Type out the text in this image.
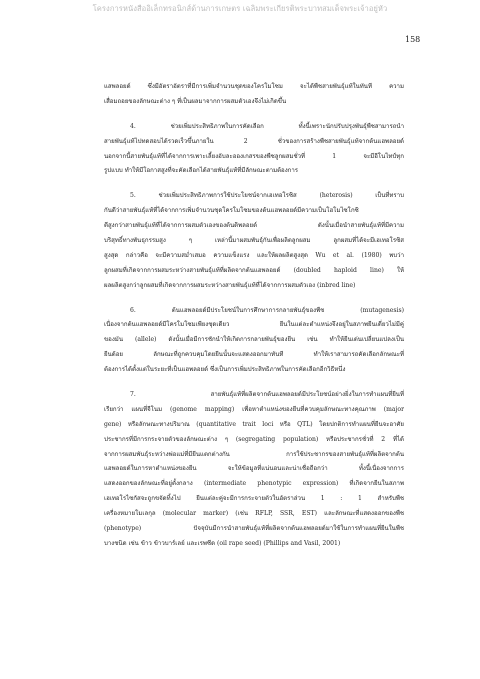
โครงการหนังสืออิเล็กทรอนิกส์ด้านการเกษตร เฉลิมพระเกียรติพระบาทสมเด็จพระเจ้าอยู่หัว
158
แสพลอยด์ ซึ่งมีอัตราอัตราที่มีการเพิ่มจำนวนชุดของโครโมโซม จะได้พืชสายพันธุ์แท้ในทันที ความ
เสื่อมถอยของลักษณะต่าง ๆ ที่เป็นผลมาจากการผสมตัวเองจึงไม่เกิดขึ้น
4. ช่วยเพิ่มประสิทธิภาพในการคัดเลือก ทั้งนี้เพราะนักปรับปรุงพันธุ์พืชสามารถนำ
สายพันธุ์แท้ไปทดสอบได้รวดเร็วขึ้นภายใน 2 ชั่วของการสร้างพืชสายพันธุ์แท้จากต้นแฮพลอยด์
นอกจากนี้สายพันธุ์แท้ที่ได้จากการเพาะเลี้ยงอับละอองเกสรของพืชลูกผสมชั่วที่ 1 จะมีอีโนไทป์ทุก
รูปแบบ ทำให้มีโอกาสสูงที่จะคัดเลือกได้สายพันธุ์แท้ที่มีลักษณะตามต้องการ
5. ช่วยเพิ่มประสิทธิภาพการใช้ประโยชน์จากเฮเทอโรซิส (heterosis) เป็นที่ทราบ
กันดีว่าสายพันธุ์แท้ที่ได้จากการเพิ่มจำนวนชุดโครโมโซมของต้นแฮพลอยด์มีความเป็นโฮโมไซโกซิ
ตีสูงกว่าสายพันธุ์แท้ที่ได้จากการผสมตัวเองของต้นดิพลอยด์ ดังนั้นเมื่อนำสายพันธุ์แท้ที่มีความ
บริสุทธิ์ทางพันธุกรรมสูง ๆ เหล่านี้มาผสมพันธุ์กันเพื่อผลิตลูกผสม ลูกผสมที่ได้จะมีเฮเทอโรซิส
สูงสุด กล่าวคือ จะมีความสม่ำเสมอ ความแข็งแรง และให้ผลผลิตสูงสุด Wu et al. (1980) พบว่า
ลูกผสมที่เกิดจากการผสมระหว่างสายพันธุ์แท้ที่ผลิตจากต้นแฮพลอยด์ (doubled haploid line) ให้
ผลผลิตสูงกว่าลูกผสมที่เกิดจากการผสมระหว่างสายพันธุ์แท้ที่ได้จากการผสมตัวเอง (inbred line)
6. ต้นแฮพลอยด์มีประโยชน์ในการศึกษาการกลายพันธุ์ของพืช (mutagenesis)
เนื่องจากต้นแฮพลอยด์มีโครโมโซมเพียงชุดเดียว ยีนในแต่ละตำแหน่งจึงอยู่ในสภาพยีนเดี่ยวไม่มีคู่
ของมัน (allele) ดังนั้นเมื่อมีการชักนำให้เกิดการกลายพันธุ์ของยีน เช่น ทำให้ยีนเด่นเปลี่ยนแปลงเป็น
ยีนด้อย ลักษณะที่ถูกควบคุมโดยยีนนั้นจะแสดงออกมาทันที ทำให้เราสามารถคัดเลือกลักษณะที่
ต้องการได้ตั้งแต่ในระยะที่เป็นแฮพลอยด์ ซึ่งเป็นการเพิ่มประสิทธิภาพในการคัดเลือกอีกวิธีหนึ่ง
7. สายพันธุ์แท้ที่ผลิตจากต้นแฮพลอยด์มีประโยชน์อย่างยิ่งในการทำแผนที่ยีนที่
เรียกว่า แผนที่จีโนม (genome mapping) เพื่อหาตำแหน่งของยีนที่ควบคุมลักษณะทางคุณภาพ (major
gene) หรือลักษณะทางปริมาณ (quantitative trait loci หรือ QTL) โดยปกติการทำแผนที่ยีนจะอาศัย
ประชากรที่มีการกระจายตัวของลักษณะต่าง ๆ (segregating population) หรือประชากรชั่วที่ 2 ที่ได้
จากการผสมพันธุ์ระหว่างพ่อแม่ที่มียีนแตกต่างกัน การใช้ประชากรของสายพันธุ์แท้ที่ผลิตจากต้น
แฮพลอยด์ในการหาตำแหน่งของยีน จะให้ข้อมูลที่แน่นอนและน่าเชื่อถือกว่า ทั้งนี้เนื่องจากการ
แสดงออกของลักษณะที่อยู่ตั้งกลาง (intermediate phenotypic expression) ที่เกิดจากยีนในสภาพ
เฮเทอโรไซกัสจะถูกขจัดทิ้งไป ยีนแต่ละคู่จะมีการกระจายตัวในอัตราส่วน 1 : 1 สำหรับพืช
เครื่องหมายโมเลกุล (molecular marker) (เช่น RFLP, SSR, EST) และลักษณะที่แสดงออกของพืช
(phenotype) ปัจจุบันมีการนำสายพันธุ์แท้ที่ผลิตจากต้นแฮพลอยด์มาใช้ในการทำแผนที่ยีนในพืช
บางชนิด เช่น ข้าว ข้าวบาร์เลย์ และเรพซีด (oil rape seed) (Phillips and Vasil, 2001)
